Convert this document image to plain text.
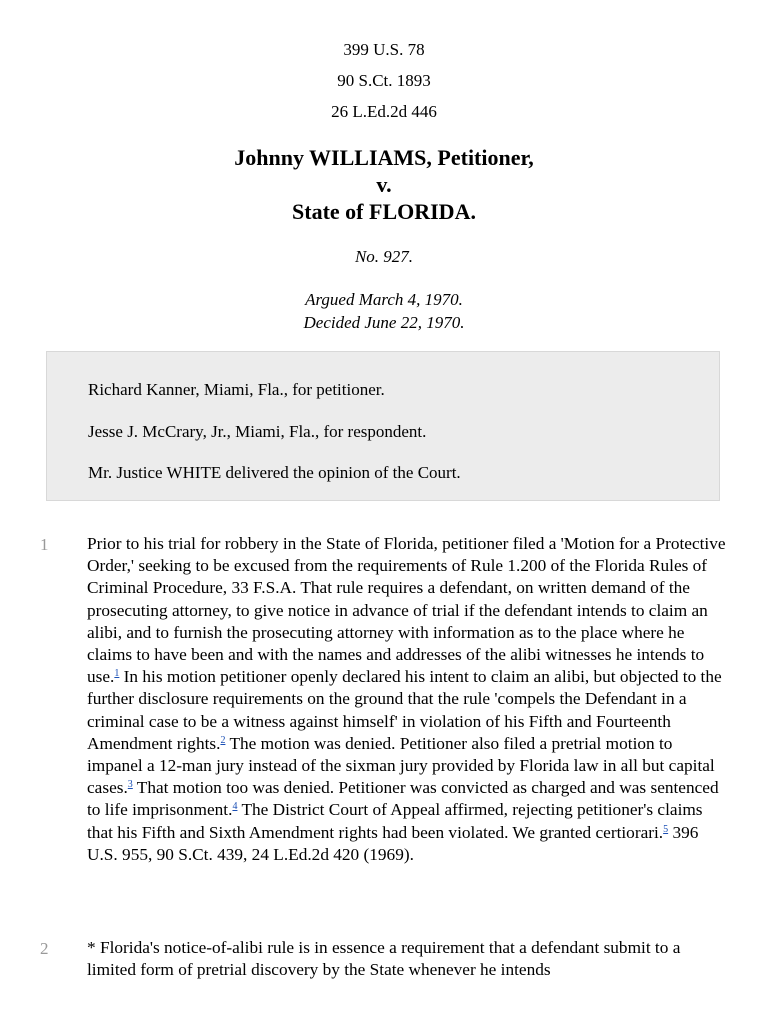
399 U.S. 78
90 S.Ct. 1893
26 L.Ed.2d 446
Johnny WILLIAMS, Petitioner,
v.
State of FLORIDA.
No. 927.
Argued March 4, 1970.
Decided June 22, 1970.
Richard Kanner, Miami, Fla., for petitioner.
Jesse J. McCrary, Jr., Miami, Fla., for respondent.
Mr. Justice WHITE delivered the opinion of the Court.
1 Prior to his trial for robbery in the State of Florida, petitioner filed a 'Motion for a Protective Order,' seeking to be excused from the requirements of Rule 1.200 of the Florida Rules of Criminal Procedure, 33 F.S.A. That rule requires a defendant, on written demand of the prosecuting attorney, to give notice in advance of trial if the defendant intends to claim an alibi, and to furnish the prosecuting attorney with information as to the place where he claims to have been and with the names and addresses of the alibi witnesses he intends to use.$^1$ In his motion petitioner openly declared his intent to claim an alibi, but objected to the further disclosure requirements on the ground that the rule 'compels the Defendant in a criminal case to be a witness against himself' in violation of his Fifth and Fourteenth Amendment rights.$^2$ The motion was denied. Petitioner also filed a pretrial motion to impanel a 12-man jury instead of the sixman jury provided by Florida law in all but capital cases.$^3$ That motion too was denied. Petitioner was convicted as charged and was sentenced to life imprisonment.$^4$ The District Court of Appeal affirmed, rejecting petitioner's claims that his Fifth and Sixth Amendment rights had been violated. We granted certiorari.$^5$ 396 U.S. 955, 90 S.Ct. 439, 24 L.Ed.2d 420 (1969).
2 * Florida's notice-of-alibi rule is in essence a requirement that a defendant submit to a limited form of pretrial discovery by the State whenever he intends
